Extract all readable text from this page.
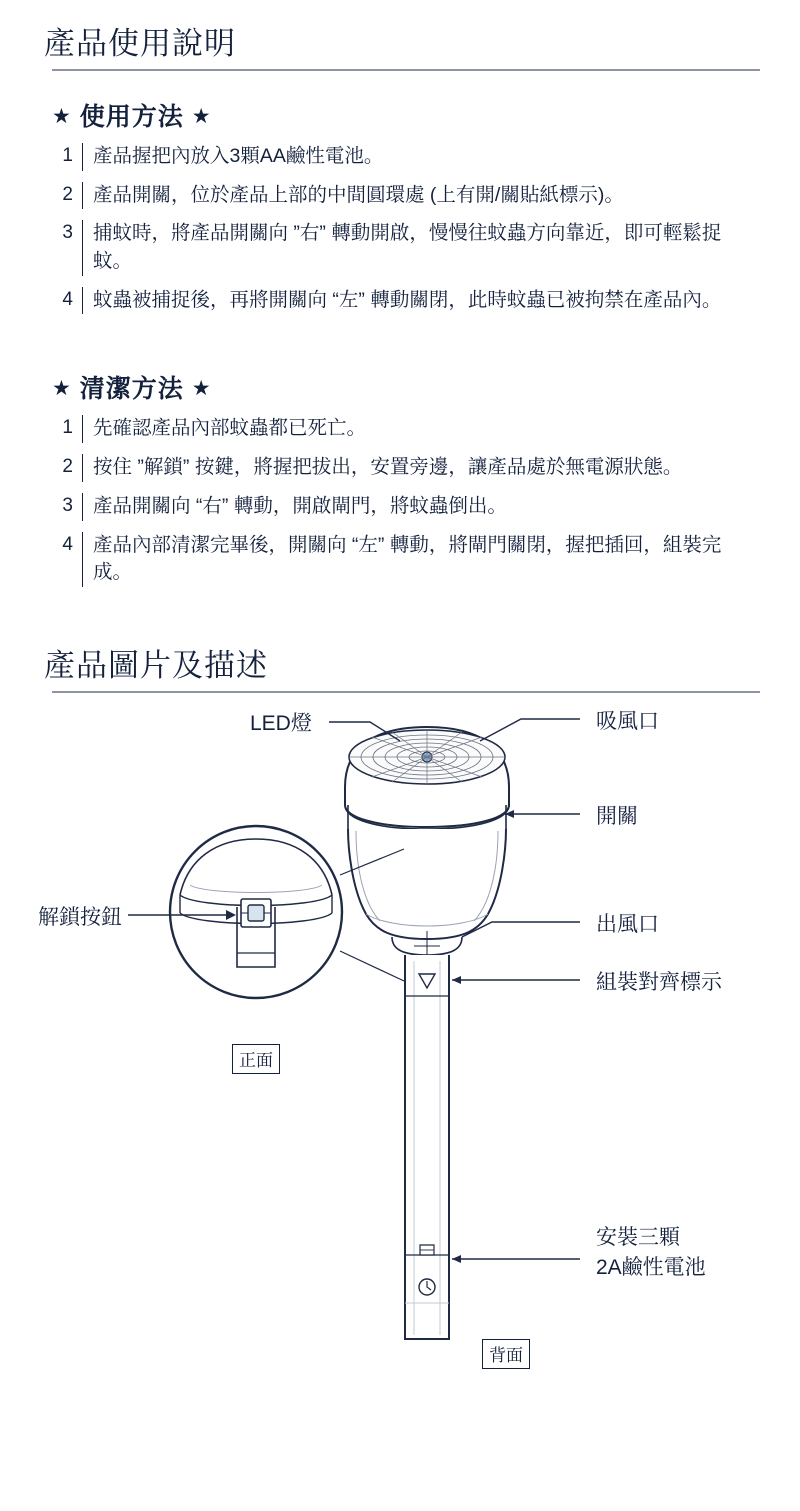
產品使用說明
★ 使用方法 ★
1	產品握把內放入3顆AA鹼性電池。
2	產品開關，位於產品上部的中間圓環處 (上有開/關貼紙標示)。
3	捕蚊時，將產品開關向 ”右” 轉動開啟，慢慢往蚊蟲方向靠近，即可輕鬆捉蚊。
4	蚊蟲被捕捉後，再將開關向 “左” 轉動關閉，此時蚊蟲已被拘禁在產品內。
★ 清潔方法 ★
1	先確認產品內部蚊蟲都已死亡。
2	按住 ”解鎖” 按鍵，將握把拔出，安置旁邊，讓產品處於無電源狀態。
3	產品開關向 “右” 轉動，開啟閘門，將蚊蟲倒出。
4	產品內部清潔完畢後，開關向 “左” 轉動，將閘門關閉，握把插回，組裝完成。
產品圖片及描述
LED燈	吸風口
開關
出風口
組裝對齊標示
解鎖按鈕
安裝三顆
2A鹼性電池
正面
背面
